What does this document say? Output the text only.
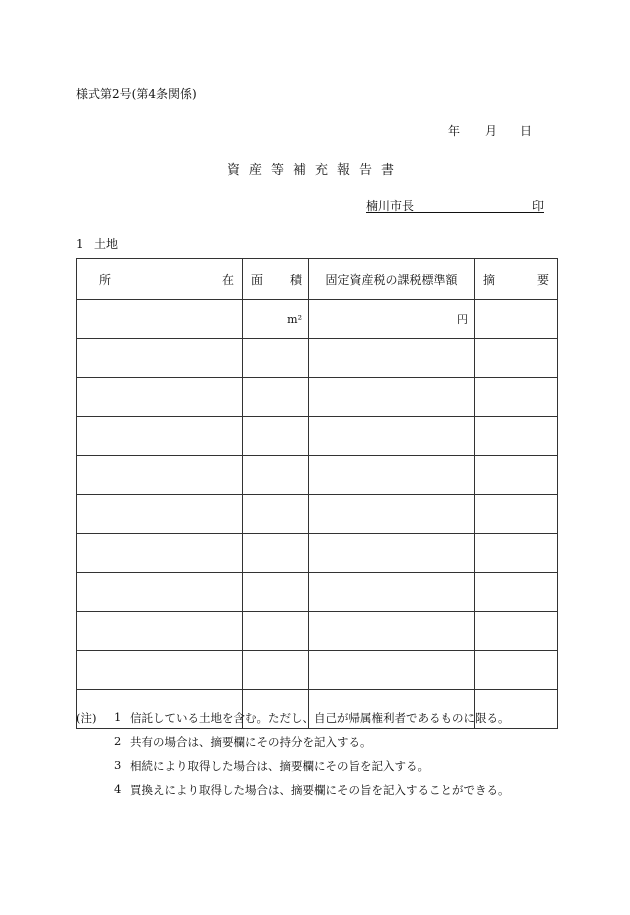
様式第2号(第4条関係)
年 月 日
資産等補充報告書
楠川市長	印
1 土地
所 在	面 積	固定資産税の課税標準額	摘 要

	m²	円	

(注) 1 信託している土地を含む。ただし、自己が帰属権利者であるものに限る。
2 共有の場合は、摘要欄にその持分を記入する。
3 相続により取得した場合は、摘要欄にその旨を記入する。
4 買換えにより取得した場合は、摘要欄にその旨を記入することができる。
